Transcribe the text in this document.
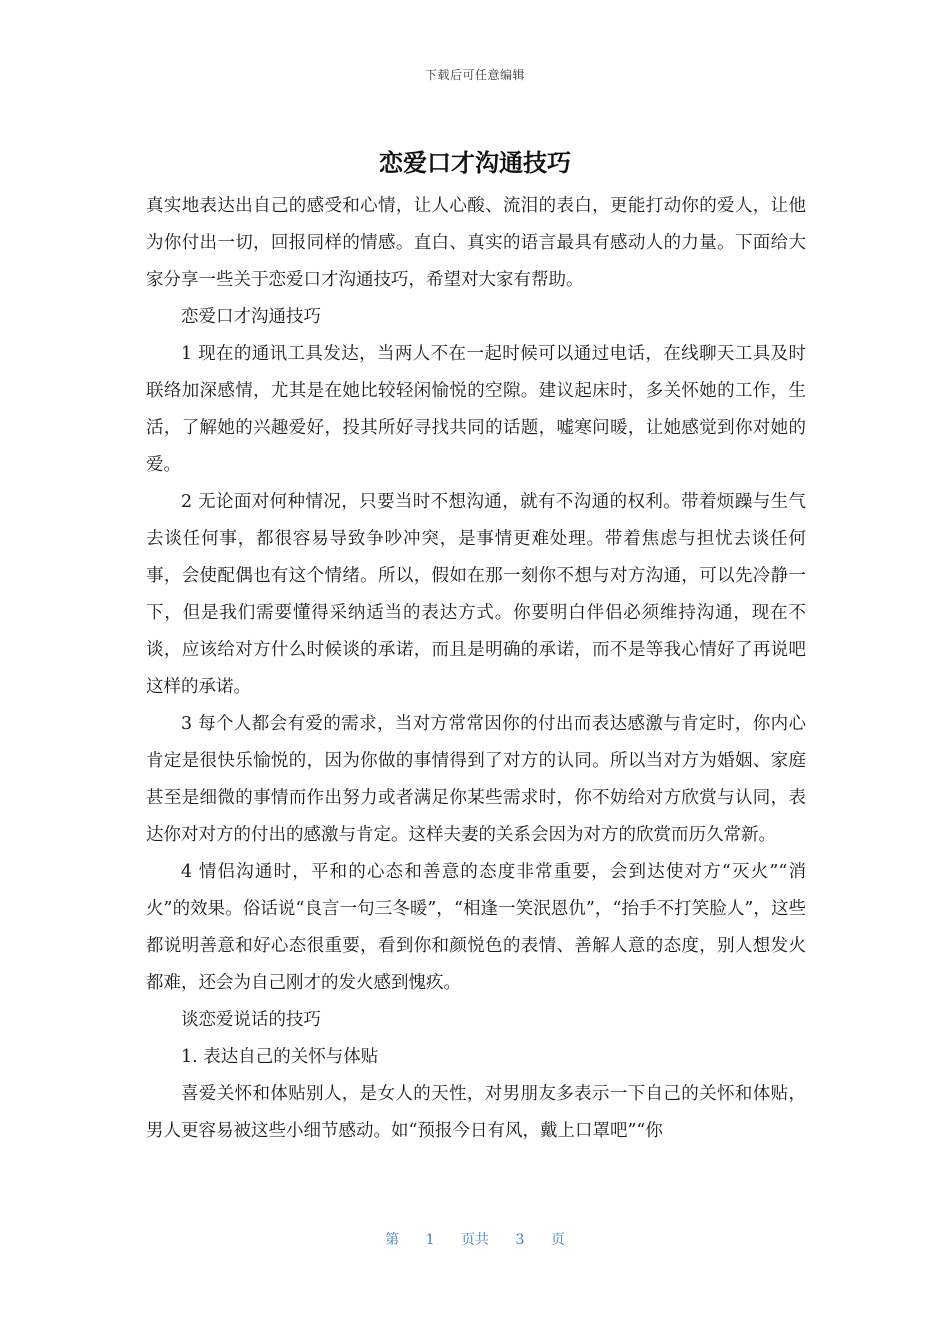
下载后可任意编辑
恋爱口才沟通技巧

真实地表达出自己的感受和心情，让人心酸、流泪的表白，更能打动你的爱人，让他为你付出一切，回报同样的情感。直白、真实的语言最具有感动人的力量。下面给大家分享一些关于恋爱口才沟通技巧，希望对大家有帮助。

恋爱口才沟通技巧

1 现在的通讯工具发达，当两人不在一起时候可以通过电话，在线聊天工具及时联络加深感情，尤其是在她比较轻闲愉悦的空隙。建议起床时，多关怀她的工作，生活，了解她的兴趣爱好，投其所好寻找共同的话题，嘘寒问暖，让她感觉到你对她的爱。

2 无论面对何种情况，只要当时不想沟通，就有不沟通的权利。带着烦躁与生气去谈任何事，都很容易导致争吵冲突，是事情更难处理。带着焦虑与担忧去谈任何事，会使配偶也有这个情绪。所以，假如在那一刻你不想与对方沟通，可以先冷静一下，但是我们需要懂得采纳适当的表达方式。你要明白伴侣必须维持沟通，现在不谈，应该给对方什么时候谈的承诺，而且是明确的承诺，而不是等我心情好了再说吧这样的承诺。

3 每个人都会有爱的需求，当对方常常因你的付出而表达感激与肯定时，你内心肯定是很快乐愉悦的，因为你做的事情得到了对方的认同。所以当对方为婚姻、家庭甚至是细微的事情而作出努力或者满足你某些需求时，你不妨给对方欣赏与认同，表达你对对方的付出的感激与肯定。这样夫妻的关系会因为对方的欣赏而历久常新。

4 情侣沟通时，平和的心态和善意的态度非常重要，会到达使对方“灭火”“消火”的效果。俗话说“良言一句三冬暖”，“相逢一笑泯恩仇”，“抬手不打笑脸人”，这些都说明善意和好心态很重要，看到你和颜悦色的表情、善解人意的态度，别人想发火都难，还会为自己刚才的发火感到愧疚。

谈恋爱说话的技巧

1. 表达自己的关怀与体贴

喜爱关怀和体贴别人，是女人的天性，对男朋友多表示一下自己的关怀和体贴，男人更容易被这些小细节感动。如“预报今日有风，戴上口罩吧”“你

第 1 页共 3 页
